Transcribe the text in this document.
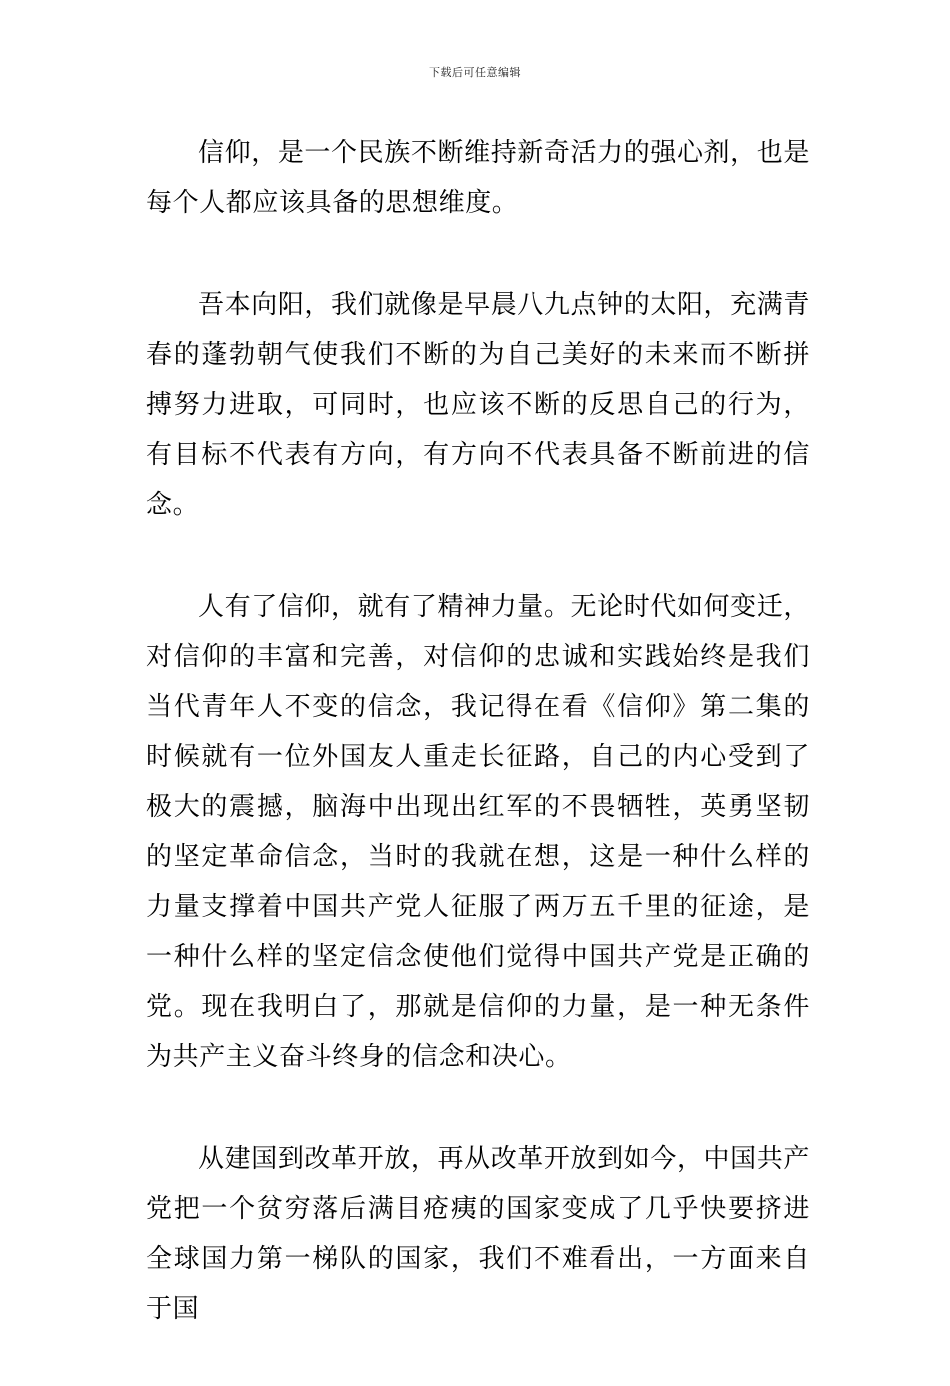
下载后可任意编辑

信仰，是一个民族不断维持新奇活力的强心剂，也是每个人都应该具备的思想维度。

吾本向阳，我们就像是早晨八九点钟的太阳，充满青春的蓬勃朝气使我们不断的为自己美好的未来而不断拼搏努力进取，可同时，也应该不断的反思自己的行为，有目标不代表有方向，有方向不代表具备不断前进的信念。

人有了信仰，就有了精神力量。无论时代如何变迁，对信仰的丰富和完善，对信仰的忠诚和实践始终是我们当代青年人不变的信念，我记得在看《信仰》第二集的时候就有一位外国友人重走长征路，自己的内心受到了极大的震撼，脑海中出现出红军的不畏牺牲，英勇坚韧的坚定革命信念，当时的我就在想，这是一种什么样的力量支撑着中国共产党人征服了两万五千里的征途，是一种什么样的坚定信念使他们觉得中国共产党是正确的党。现在我明白了，那就是信仰的力量，是一种无条件为共产主义奋斗终身的信念和决心。

从建国到改革开放，再从改革开放到如今，中国共产党把一个贫穷落后满目疮痍的国家变成了几乎快要挤进全球国力第一梯队的国家，我们不难看出，一方面来自于国
